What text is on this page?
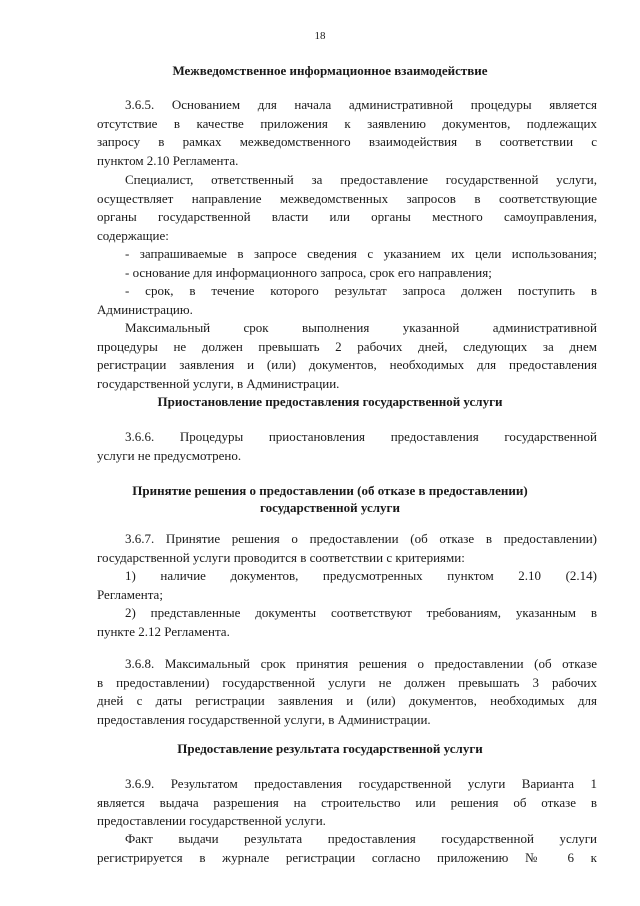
18
Межведомственное информационное взаимодействие
3.6.5. Основанием для начала административной процедуры является
отсутствие в качестве приложения к заявлению документов, подлежащих
запросу в рамках межведомственного взаимодействия в соответствии с
пунктом 2.10 Регламента.
Специалист, ответственный за предоставление государственной услуги,
осуществляет направление межведомственных запросов в соответствующие
органы государственной власти или органы местного самоуправления,
содержащие:
- запрашиваемые в запросе сведения с указанием их цели использования;
- основание для информационного запроса, срок его направления;
- срок, в течение которого результат запроса должен поступить в
Администрацию.
Максимальный срок выполнения указанной административной
процедуры не должен превышать 2 рабочих дней, следующих за днем
регистрации заявления и (или) документов, необходимых для предоставления
государственной услуги, в Администрации.
Приостановление предоставления государственной услуги
3.6.6. Процедуры приостановления предоставления государственной
услуги не предусмотрено.
Принятие решения о предоставлении (об отказе в предоставлении)
государственной услуги
3.6.7. Принятие решения о предоставлении (об отказе в предоставлении)
государственной услуги проводится в соответствии с критериями:
1) наличие документов, предусмотренных пунктом 2.10 (2.14)
Регламента;
2) представленные документы соответствуют требованиям, указанным в
пункте 2.12 Регламента.
3.6.8. Максимальный срок принятия решения о предоставлении (об отказе
в предоставлении) государственной услуги не должен превышать 3 рабочих
дней с даты регистрации заявления и (или) документов, необходимых для
предоставления государственной услуги, в Администрации.
Предоставление результата государственной услуги
3.6.9. Результатом предоставления государственной услуги Варианта 1
является выдача разрешения на строительство или решения об отказе в
предоставлении государственной услуги.
Факт выдачи результата предоставления государственной услуги
регистрируется в журнале регистрации согласно приложению № 6 к
